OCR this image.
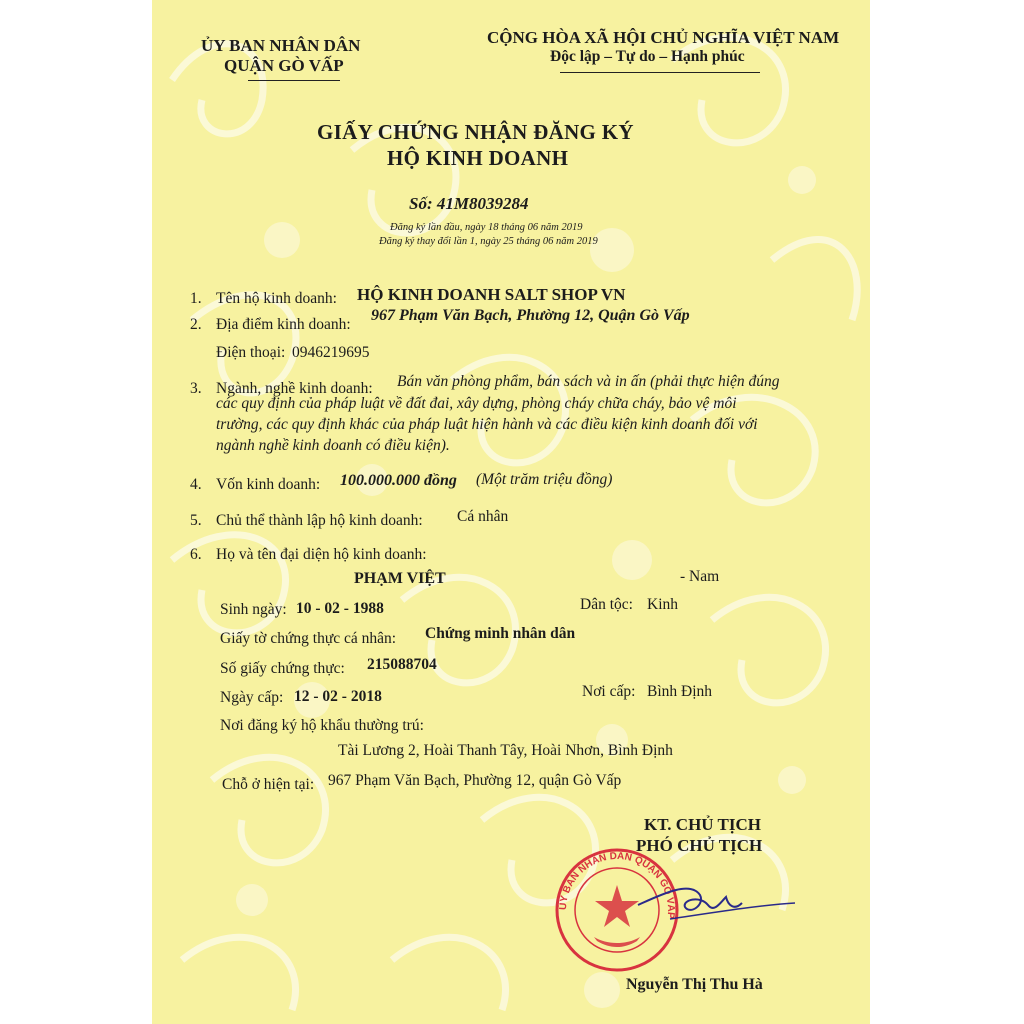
ỦY BAN NHÂN DÂN
QUẬN GÒ VẤP
CỘNG HÒA XÃ HỘI CHỦ NGHĨA VIỆT NAM
Độc lập – Tự do – Hạnh phúc
GIẤY CHỨNG NHẬN ĐĂNG KÝ
HỘ KINH DOANH
Số: 41M8039284
Đăng ký lần đầu, ngày 18 tháng 06 năm 2019
Đăng ký thay đổi lần 1, ngày 25 tháng 06 năm 2019
1. Tên hộ kinh doanh: HỘ KINH DOANH SALT SHOP VN
2. Địa điểm kinh doanh:
967 Phạm Văn Bạch, Phường 12, Quận Gò Vấp
Điện thoại: 0946219695
3. Ngành, nghề kinh doanh: Bán văn phòng phẩm, bán sách và in ấn (phải thực hiện đúng
các quy định của pháp luật về đất đai, xây dựng, phòng cháy chữa cháy, bảo vệ môi
trường, các quy định khác của pháp luật hiện hành và các điều kiện kinh doanh đối với
ngành nghề kinh doanh có điều kiện).
4. Vốn kinh doanh: 100.000.000 đồng (Một trăm triệu đồng)
5. Chủ thể thành lập hộ kinh doanh: Cá nhân
6. Họ và tên đại diện hộ kinh doanh:
PHẠM VIỆT	- Nam
Sinh ngày: 10 - 02 - 1988	Dân tộc: Kinh
Giấy tờ chứng thực cá nhân: Chứng minh nhân dân
Số giấy chứng thực: 215088704
Ngày cấp: 12 - 02 - 2018	Nơi cấp: Bình Định
Nơi đăng ký hộ khẩu thường trú:
Tài Lương 2, Hoài Thanh Tây, Hoài Nhơn, Bình Định
Chỗ ở hiện tại: 967 Phạm Văn Bạch, Phường 12, quận Gò Vấp
KT. CHỦ TỊCH
PHÓ CHỦ TỊCH
ỦY BAN NHÂN DÂN QUẬN GÒ VẤP
Nguyễn Thị Thu Hà
